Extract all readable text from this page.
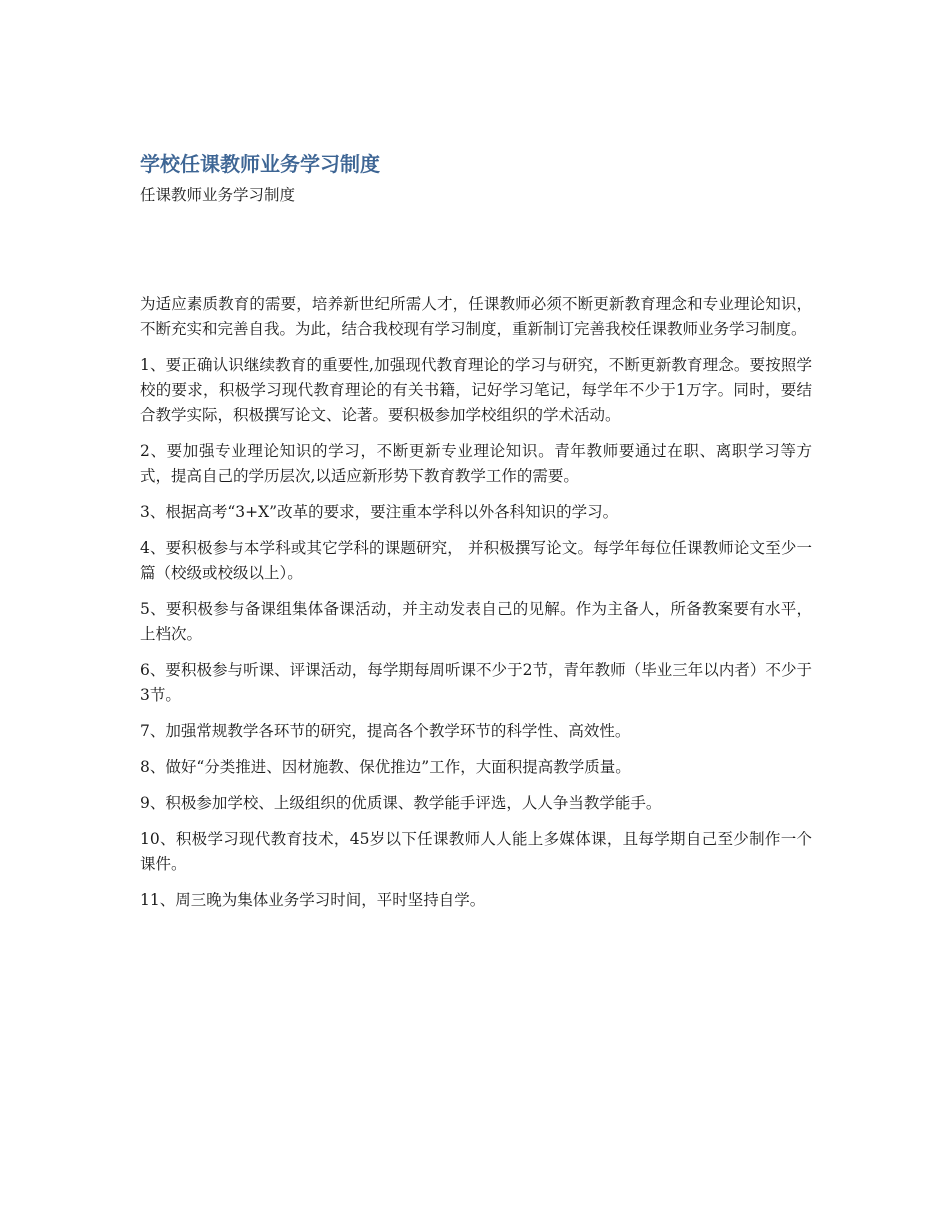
学校任课教师业务学习制度
任课教师业务学习制度

为适应素质教育的需要，培养新世纪所需人才，任课教师必须不断更新教育理念和专业理论知识，不断充实和完善自我。为此，结合我校现有学习制度，重新制订完善我校任课教师业务学习制度。

1、要正确认识继续教育的重要性,加强现代教育理论的学习与研究，不断更新教育理念。要按照学校的要求，积极学习现代教育理论的有关书籍，记好学习笔记，每学年不少于1万字。同时，要结合教学实际，积极撰写论文、论著。要积极参加学校组织的学术活动。

2、要加强专业理论知识的学习，不断更新专业理论知识。青年教师要通过在职、离职学习等方式，提高自己的学历层次,以适应新形势下教育教学工作的需要。

3、根据高考“3+X”改革的要求，要注重本学科以外各科知识的学习。

4、要积极参与本学科或其它学科的课题研究， 并积极撰写论文。每学年每位任课教师论文至少一篇（校级或校级以上）。

5、要积极参与备课组集体备课活动，并主动发表自己的见解。作为主备人，所备教案要有水平，上档次。

6、要积极参与听课、评课活动，每学期每周听课不少于2节，青年教师（毕业三年以内者）不少于3节。

7、加强常规教学各环节的研究，提高各个教学环节的科学性、高效性。

8、做好“分类推进、因材施教、保优推边”工作，大面积提高教学质量。

9、积极参加学校、上级组织的优质课、教学能手评选，人人争当教学能手。

10、积极学习现代教育技术，45岁以下任课教师人人能上多媒体课，且每学期自己至少制作一个课件。

11、周三晚为集体业务学习时间，平时坚持自学。
